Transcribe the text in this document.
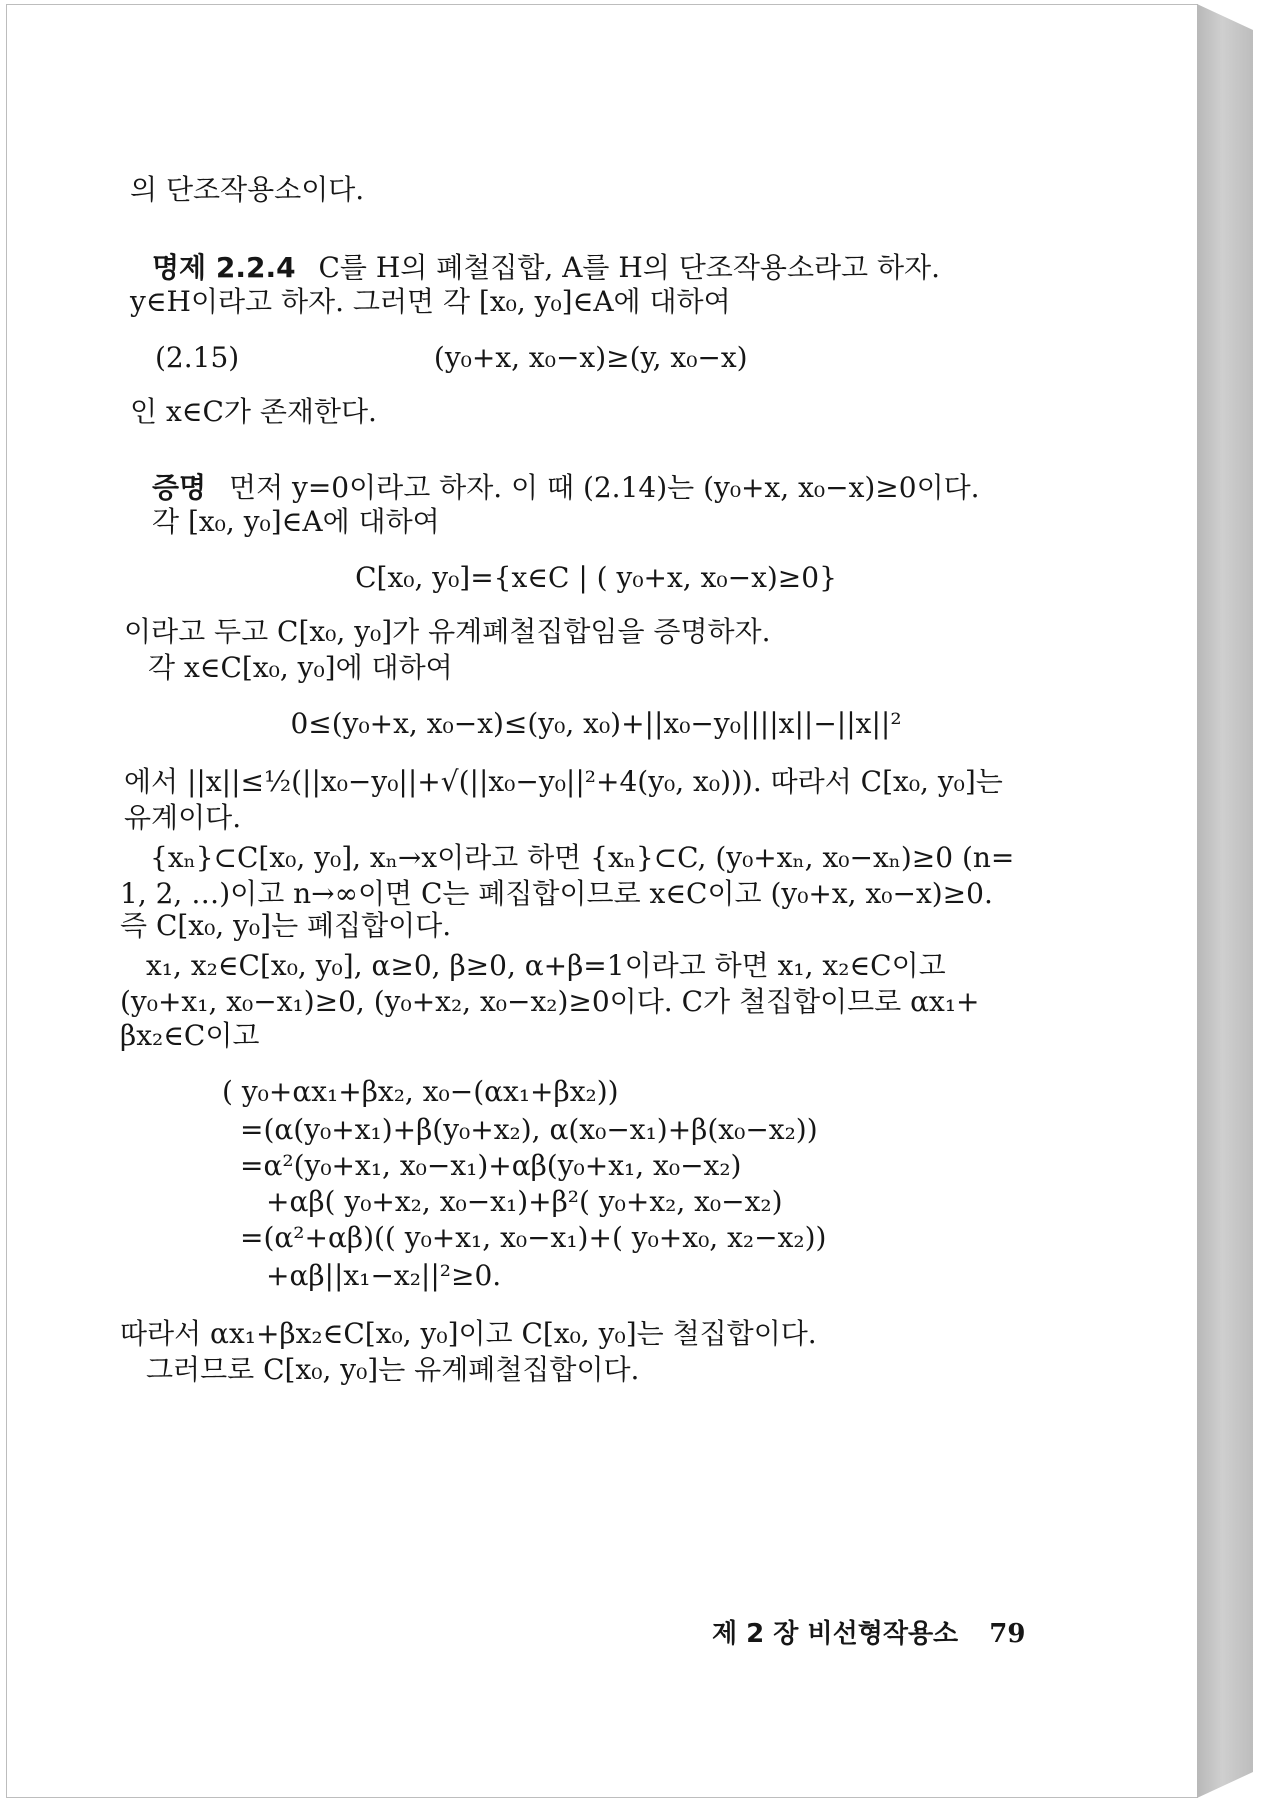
의 단조작용소이다.
명제 2.2.4 C를 H의 폐철집합, A를 H의 단조작용소라고 하자.
y∈H이라고 하자. 그러면 각 [x₀, y₀]∈A에 대하여
(2.15)	(y₀+x, x₀−x)≥(y, x₀−x)
인 x∈C가 존재한다.
증명 먼저 y=0이라고 하자. 이 때 (2.14)는 (y₀+x, x₀−x)≥0이다.
각 [x₀, y₀]∈A에 대하여
C[x₀, y₀]={x∈C | ( y₀+x, x₀−x)≥0}
이라고 두고 C[x₀, y₀]가 유계폐철집합임을 증명하자.
각 x∈C[x₀, y₀]에 대하여
0≤(y₀+x, x₀−x)≤(y₀, x₀)+||x₀−y₀||||x||−||x||²
에서 ||x||≤½(||x₀−y₀||+√(||x₀−y₀||²+4(y₀, x₀))). 따라서 C[x₀, y₀]는
유계이다.
{xₙ}⊂C[x₀, y₀], xₙ→x이라고 하면 {xₙ}⊂C, (y₀+xₙ, x₀−xₙ)≥0 (n=
1, 2, …)이고 n→∞이면 C는 폐집합이므로 x∈C이고 (y₀+x, x₀−x)≥0.
즉 C[x₀, y₀]는 폐집합이다.
x₁, x₂∈C[x₀, y₀], α≥0, β≥0, α+β=1이라고 하면 x₁, x₂∈C이고
(y₀+x₁, x₀−x₁)≥0, (y₀+x₂, x₀−x₂)≥0이다. C가 철집합이므로 αx₁+
βx₂∈C이고
( y₀+αx₁+βx₂, x₀−(αx₁+βx₂))
=(α(y₀+x₁)+β(y₀+x₂), α(x₀−x₁)+β(x₀−x₂))
=α²(y₀+x₁, x₀−x₁)+αβ(y₀+x₁, x₀−x₂)
+αβ( y₀+x₂, x₀−x₁)+β²( y₀+x₂, x₀−x₂)
=(α²+αβ)(( y₀+x₁, x₀−x₁)+( y₀+x₀, x₂−x₂))
+αβ||x₁−x₂||²≥0.
따라서 αx₁+βx₂∈C[x₀, y₀]이고 C[x₀, y₀]는 철집합이다.
그러므로 C[x₀, y₀]는 유계폐철집합이다.
제 2 장 비선형작용소 79
